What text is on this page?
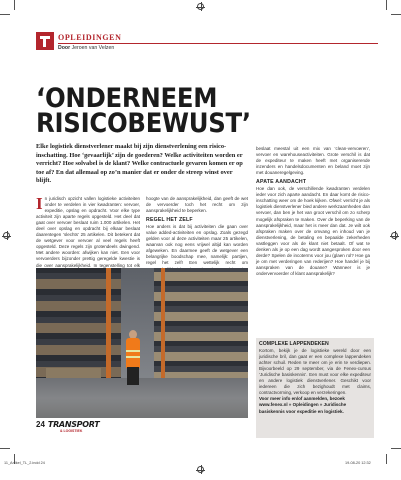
OPLEIDINGEN
Door Jeroen van Velzen
‘ONDERNEEM
RISICOBEWUST’
Elke logistiek dienstverlener maakt bij zijn dienstverlening een risico-inschatting. Hoe ‘gevaarlijk’ zijn de goederen? Welke activiteiten worden er verricht? Hoe solvabel is de klant? Welke contractuele gevaren komen er op toe af? En dat allemaal op zo’n manier dat er onder de streep winst over blijft.
In juridisch opzicht vallen logistieke activiteiten onder te verdelen in vier kwadranten: vervoer, expeditie, opslag en opdracht. Voor elke type activiteit zijn aparte regels opgesteld. Het deel dat gaat over vervoer beslaat ruim 1.000 artikelen. Het deel over opslag en opdracht bij elkaar beslaat daarentegen ‘slechts’ 25 artikelen. Dit betekent dat de wetgever voor vervoer al veel regels heeft opgesteld. Deze regels zijn grotendeels dwingend. Met andere woorden: afwijken kan niet. Een voor vervoerders bijzonder prettig geregelde kwestie is die over aansprakelijkheid. In tegenstelling tot elk
hoogte van de aansprakelijkheid, dan geeft de wet de vervoerder toch het recht om zijn aansprakelijkheid te beperken.
REGEL HET ZELF
Hoe anders is dat bij activiteiten die gaan over value added-activiteiten en opslag. Zoals gezegd gelden voor al deze activiteiten maar 25 artikelen, waarvan ook nog eens vrijwel altijd kan worden afgeweken. En daarmee geeft de wetgever een belangrijke boodschap mee, namelijk: partijen, regel het zelf! Een wettelijk recht om
beslaat meestal uit een mix van ‘clean-vervoeren’, vervoer en warehouseactiviteiten. Grote verschil is dat de expediteur te maken heeft met organiserende inzenders en handelsdocumenten en beland moet zijn met douaneregelgeving.
APATE AANDACHT
Hoe dan ook, de verschillende kwadranten verdelen ieder voor zich aparte aandacht. En daar komt de risico-inschatting weer om de hoek kijken. Ofwel: verricht je als logistiek dienstverlener bied andere werkzaamheden dan vervoer, dan ben je het van groot verschil om zo scherp mogelijk afspraken te maken. Over de beperking van de aansprakelijkheid, maar het is meer dan dat. Je wilt ook afspraken maken over de omvang en inhoud van je dienstverlening, de betaling en bepaalde zekerheden vastleggen voor als de klant niet betaalt. Of wat te denken als je op een dag wordt aangesproken door een derde? Spelen de incoterms voor jou (glaen rol? Hoe ga je om met verderingen van rederijen? Hoe handel je bij aanspraken van de douane? Wanneer is je ondervervoerder of klant aansprakelijk?
COMPLEXE LAPPENDEKEN
Kortom, bekijk je de logistieke wereld door een juridische bril, dan gaat er een complexe lappendeken achter schuil. Reden te meer om je erin te verdiepen. Bijvoorbeeld op 29 september, via de Fenex-cursus ‘Juridische basiskennis’. Een must voor elke expediteur en andere logistiek dienstverlener. Geschikt voor iedereen die zich bezighoudt met claims, contractvorming, verkoop en verzekeringen.
Voor meer info en/of aanmelden, bezoek www.fenex.nl » Opleidingen » Juridische basiskennis voor expeditie en logistiek.
24 TRANSPORT
& LOGISTIEK
11_Artikel_TL_2.indd 24	19-08-20 12:32
